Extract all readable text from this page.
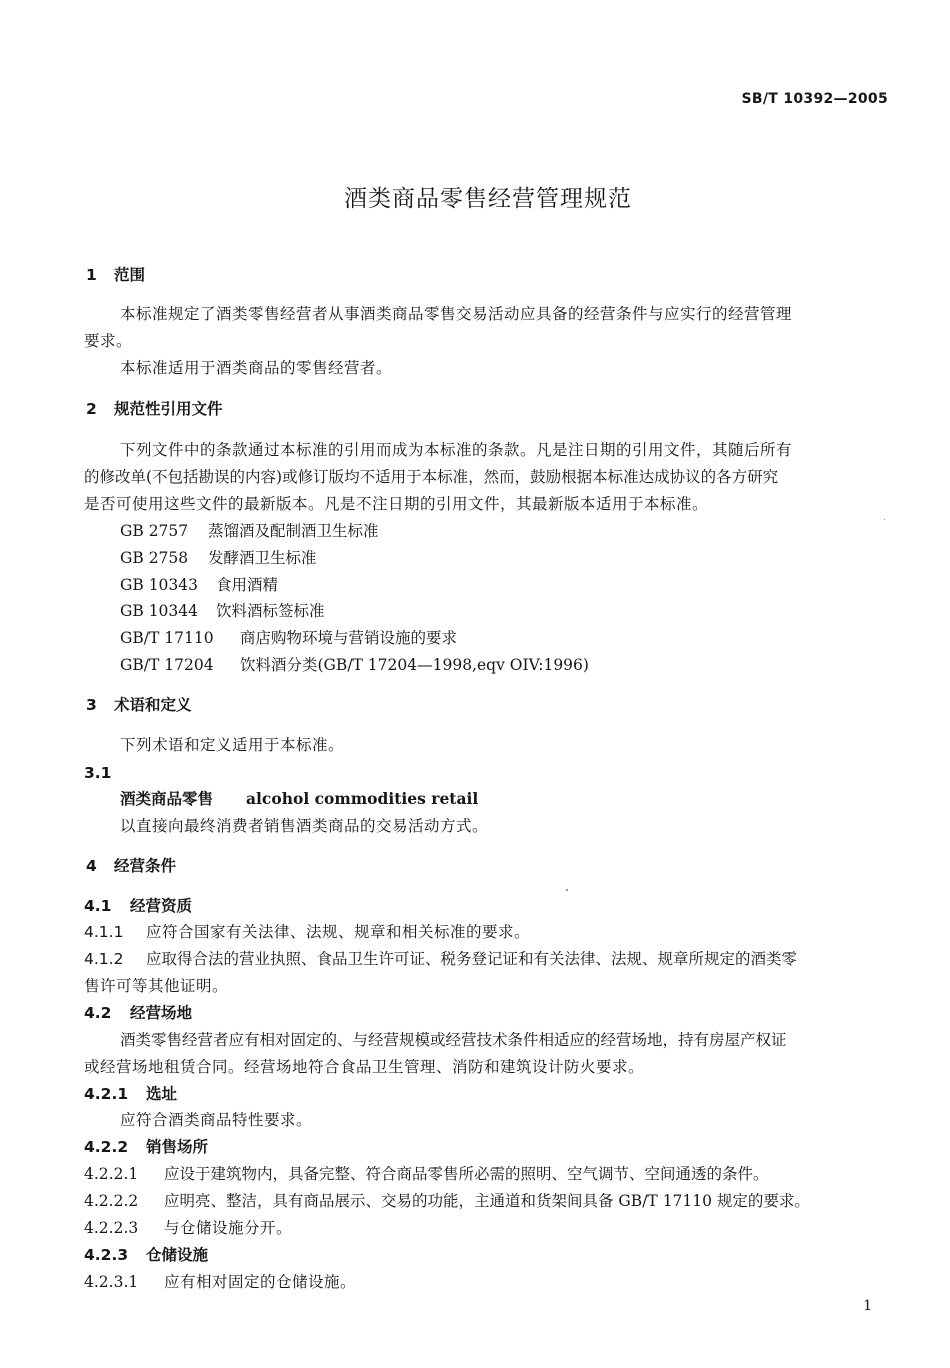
SB/T 10392—2005
酒类商品零售经营管理规范
1 范围
本标准规定了酒类零售经营者从事酒类商品零售交易活动应具备的经营条件与应实行的经营管理
要求。
本标准适用于酒类商品的零售经营者。
2 规范性引用文件
下列文件中的条款通过本标准的引用而成为本标准的条款。凡是注日期的引用文件，其随后所有
的修改单(不包括勘误的内容)或修订版均不适用于本标准，然而，鼓励根据本标准达成协议的各方研究
是否可使用这些文件的最新版本。凡是不注日期的引用文件，其最新版本适用于本标准。
GB 2757 蒸馏酒及配制酒卫生标准
GB 2758 发酵酒卫生标准
GB 10343 食用酒精
GB 10344 饮料酒标签标准
GB/T 17110 商店购物环境与营销设施的要求
GB/T 17204 饮料酒分类(GB/T 17204—1998,eqv OIV:1996)
3 术语和定义
下列术语和定义适用于本标准。
3.1
酒类商品零售 alcohol commodities retail
以直接向最终消费者销售酒类商品的交易活动方式。
4 经营条件
4.1 经营资质
4.1.1 应符合国家有关法律、法规、规章和相关标准的要求。
4.1.2 应取得合法的营业执照、食品卫生许可证、税务登记证和有关法律、法规、规章所规定的酒类零
售许可等其他证明。
4.2 经营场地
酒类零售经营者应有相对固定的、与经营规模或经营技术条件相适应的经营场地，持有房屋产权证
或经营场地租赁合同。经营场地符合食品卫生管理、消防和建筑设计防火要求。
4.2.1 选址
应符合酒类商品特性要求。
4.2.2 销售场所
4.2.2.1 应设于建筑物内，具备完整、符合商品零售所必需的照明、空气调节、空间通透的条件。
4.2.2.2 应明亮、整洁，具有商品展示、交易的功能，主通道和货架间具备 GB/T 17110 规定的要求。
4.2.2.3 与仓储设施分开。
4.2.3 仓储设施
4.2.3.1 应有相对固定的仓储设施。
1
